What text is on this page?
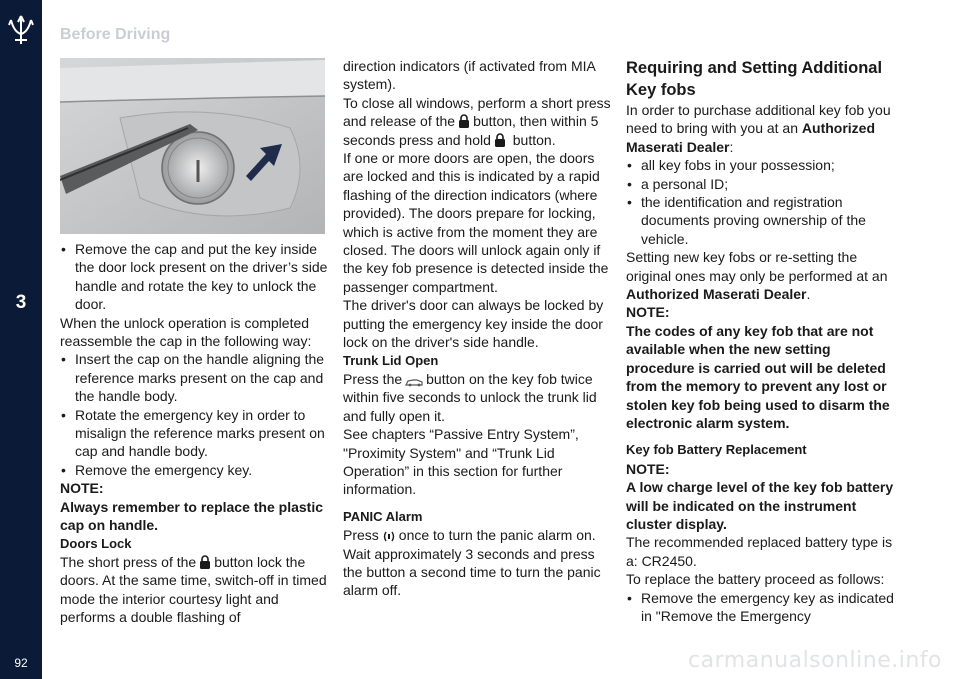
3
92
Before Driving

• Remove the cap and put the key inside the door lock present on the driver’s side handle and rotate the key to unlock the door.

When the unlock operation is completed reassemble the cap in the following way:

• Insert the cap on the handle aligning the reference marks present on the cap and the handle body.

• Rotate the emergency key in order to misalign the reference marks present on cap and handle body.

• Remove the emergency key.

NOTE:

Always remember to replace the plastic cap on handle.

Doors Lock

The short press of the button lock the doors. At the same time, switch-off in timed mode the interior courtesy light and performs a double flashing of

direction indicators (if activated from MIA system).

To close all windows, perform a short press and release of the button, then within 5 seconds press and hold button.

If one or more doors are open, the doors are locked and this is indicated by a rapid flashing of the direction indicators (where provided). The doors prepare for locking, which is active from the moment they are closed. The doors will unlock again only if the key fob presence is detected inside the passenger compartment.

The driver's door can always be locked by putting the emergency key inside the door lock on the driver's side handle.

Trunk Lid Open

Press the button on the key fob twice within five seconds to unlock the trunk lid and fully open it.

See chapters “Passive Entry System”, "Proximity System" and “Trunk Lid Operation” in this section for further information.

PANIC Alarm

Press once to turn the panic alarm on. Wait approximately 3 seconds and press the button a second time to turn the panic alarm off.

Requiring and Setting Additional Key fobs

In order to purchase additional key fob you need to bring with you at an Authorized Maserati Dealer:

• all key fobs in your possession;

• a personal ID;

• the identification and registration documents proving ownership of the vehicle.

Setting new key fobs or re-setting the original ones may only be performed at an Authorized Maserati Dealer.

NOTE:

The codes of any key fob that are not available when the new setting procedure is carried out will be deleted from the memory to prevent any lost or stolen key fob being used to disarm the electronic alarm system.

Key fob Battery Replacement

NOTE:

A low charge level of the key fob battery will be indicated on the instrument cluster display.

The recommended replaced battery type is a: CR2450.

To replace the battery proceed as follows:

• Remove the emergency key as indicated in "Remove the Emergency

carmanualsonline.info
